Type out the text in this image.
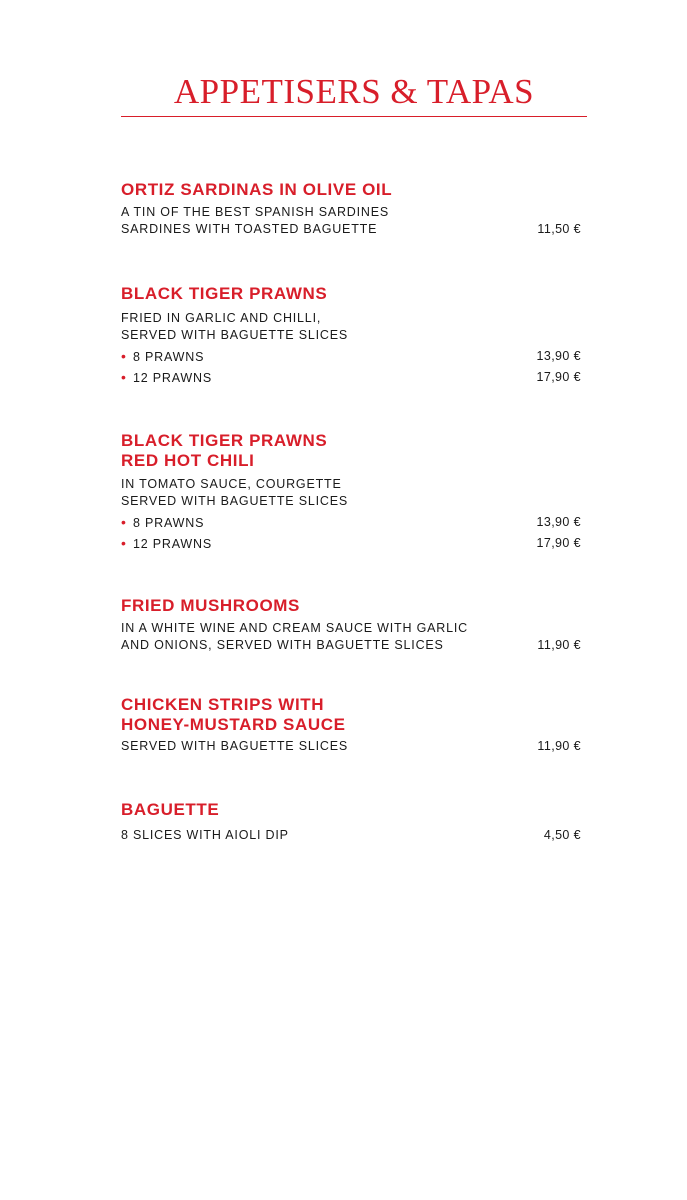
APPETISERS & TAPAS
ORTIZ SARDINAS IN OLIVE OIL
A TIN OF THE BEST SPANISH SARDINES
SARDINES WITH TOASTED BAGUETTE	11,50 €
BLACK TIGER PRAWNS
FRIED IN GARLIC AND CHILLI,
SERVED WITH BAGUETTE SLICES
• 8 PRAWNS	13,90 €
• 12 PRAWNS	17,90 €
BLACK TIGER PRAWNS
RED HOT CHILI
IN TOMATO SAUCE, COURGETTE
SERVED WITH BAGUETTE SLICES
• 8 PRAWNS	13,90 €
• 12 PRAWNS	17,90 €
FRIED MUSHROOMS
IN A WHITE WINE AND CREAM SAUCE WITH GARLIC
AND ONIONS, SERVED WITH BAGUETTE SLICES	11,90 €
CHICKEN STRIPS WITH
HONEY-MUSTARD SAUCE
SERVED WITH BAGUETTE SLICES	11,90 €
BAGUETTE
8 SLICES WITH AIOLI DIP	4,50 €
